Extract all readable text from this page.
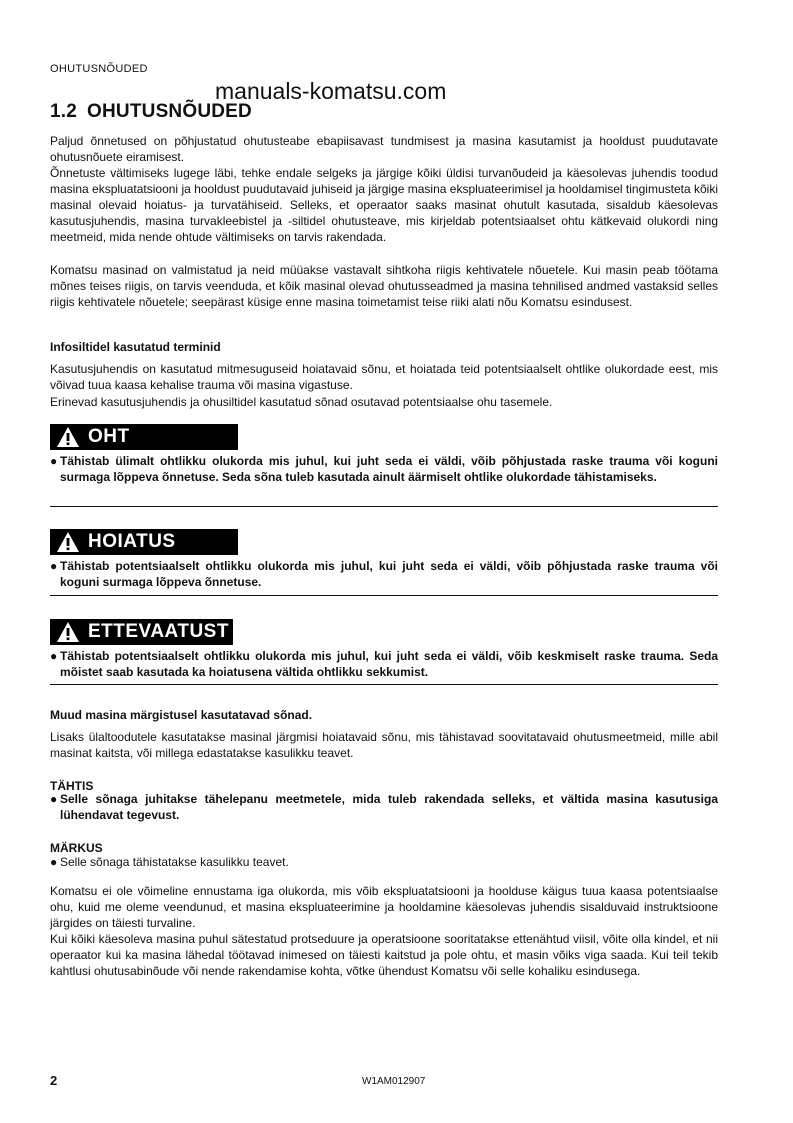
OHUTUSNÕUDED
manuals-komatsu.com
1.2 OHUTUSNÕUDED

Paljud õnnetused on põhjustatud ohutusteabe ebapiisavast tundmisest ja masina kasutamist ja hooldust puudutavate ohutusnõuete eiramisest.

Õnnetuste vältimiseks lugege läbi, tehke endale selgeks ja järgige kõiki üldisi turvanõudeid ja käesolevas juhendis toodud masina ekspluatatsiooni ja hooldust puudutavaid juhiseid ja järgige masina ekspluateerimisel ja hooldamisel tingimusteta kõiki masinal olevaid hoiatus- ja turvatähiseid. Selleks, et operaator saaks masinat ohutult kasutada, sisaldub käesolevas kasutusjuhendis, masina turvakleebistel ja -siltidel ohutusteave, mis kirjeldab potentsiaalset ohtu kätkevaid olukordi ning meetmeid, mida nende ohtude vältimiseks on tarvis rakendada.

Komatsu masinad on valmistatud ja neid müüakse vastavalt sihtkoha riigis kehtivatele nõuetele. Kui masin peab töötama mõnes teises riigis, on tarvis veenduda, et kõik masinal olevad ohutusseadmed ja masina tehnilised andmed vastaksid selles riigis kehtivatele nõuetele; seepärast küsige enne masina toimetamist teise riiki alati nõu Komatsu esindusest.

Infosiltidel kasutatud terminid

Kasutusjuhendis on kasutatud mitmesuguseid hoiatavaid sõnu, et hoiatada teid potentsiaalselt ohtlike olukordade eest, mis võivad tuua kaasa kehalise trauma või masina vigastuse.

Erinevad kasutusjuhendis ja ohusiltidel kasutatud sõnad osutavad potentsiaalse ohu tasemele.

OHT
● Tähistab ülimalt ohtlikku olukorda mis juhul, kui juht seda ei väldi, võib põhjustada raske trauma või koguni surmaga lõppeva õnnetuse. Seda sõna tuleb kasutada ainult äärmiselt ohtlike olukordade tähistamiseks.
HOIATUS
● Tähistab potentsiaalselt ohtlikku olukorda mis juhul, kui juht seda ei väldi, võib põhjustada raske trauma või koguni surmaga lõppeva õnnetuse.
ETTEVAATUST
● Tähistab potentsiaalselt ohtlikku olukorda mis juhul, kui juht seda ei väldi, võib keskmiselt raske trauma. Seda mõistet saab kasutada ka hoiatusena vältida ohtlikku sekkumist.
Muud masina märgistusel kasutatavad sõnad.

Lisaks ülaltoodutele kasutatakse masinal järgmisi hoiatavaid sõnu, mis tähistavad soovitatavaid ohutusmeetmeid, mille abil masinat kaitsta, või millega edastatakse kasulikku teavet.

TÄHTIS
● Selle sõnaga juhitakse tähelepanu meetmetele, mida tuleb rakendada selleks, et vältida masina kasutusiga lühendavat tegevust.
MÄRKUS
● Selle sõnaga tähistatakse kasulikku teavet.

Komatsu ei ole võimeline ennustama iga olukorda, mis võib ekspluatatsiooni ja hoolduse käigus tuua kaasa potentsiaalse ohu, kuid me oleme veendunud, et masina ekspluateerimine ja hooldamine käesolevas juhendis sisalduvaid instruktsioone järgides on täiesti turvaline.

Kui kõiki käesoleva masina puhul sätestatud protseduure ja operatsioone sooritatakse ettenähtud viisil, võite olla kindel, et nii operaator kui ka masina lähedal töötavad inimesed on täiesti kaitstud ja pole ohtu, et masin võiks viga saada. Kui teil tekib kahtlusi ohutusabinõude või nende rakendamise kohta, võtke ühendust Komatsu või selle kohaliku esindusega.

2	W1AM012907
